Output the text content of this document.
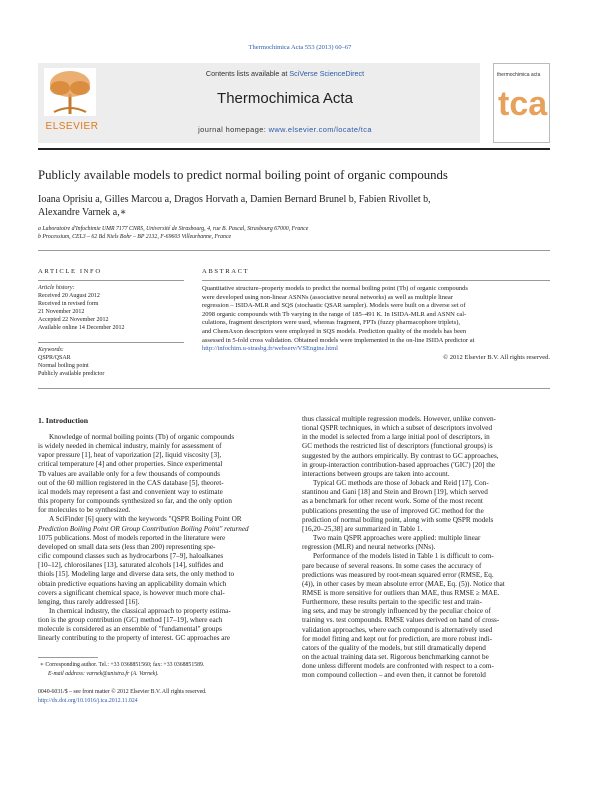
Thermochimica Acta 553 (2013) 60–67
ELSEVIER
Contents lists available at SciVerse ScienceDirect
Thermochimica Acta
journal homepage: www.elsevier.com/locate/tca
thermochimica acta
tca
Publicly available models to predict normal boiling point of organic compounds
Ioana Oprisiu a, Gilles Marcou a, Dragos Horvath a, Damien Bernard Brunel b, Fabien Rivollet b,
Alexandre Varnek a,∗
a Laboratoire d'Infochimie UMR 7177 CNRS, Université de Strasbourg, 4, rue B. Pascal, Strasbourg 67000, France
b Processium, CEL3 – 62 Bd Niels Bohr – BP 2132, F-69603 Villeurbanne, France
ARTICLE INFO
Article history:
Received 20 August 2012
Received in revised form
21 November 2012
Accepted 22 November 2012
Available online 14 December 2012
Keywords:
QSPR/QSAR
Normal boiling point
Publicly available predictor
ABSTRACT
Quantitative structure–property models to predict the normal boiling point (Tb) of organic compounds
were developed using non-linear ASNNs (associative neural networks) as well as multiple linear
regression – ISIDA-MLR and SQS (stochastic QSAR sampler). Models were built on a diverse set of
2098 organic compounds with Tb varying in the range of 185–491 K. In ISIDA-MLR and ASNN cal-
culations, fragment descriptors were used, whereas fragment, FPTs (fuzzy pharmacophore triplets),
and ChemAxon descriptors were employed in SQS models. Prediction quality of the models has been
assessed in 5-fold cross validation. Obtained models were implemented in the on-line ISIDA predictor at
http://infochim.u-strasbg.fr/webserv/VSEngine.html
© 2012 Elsevier B.V. All rights reserved.
1. Introduction
Knowledge of normal boiling points (Tb) of organic compounds
is widely needed in chemical industry, mainly for assessment of
vapor pressure [1], heat of vaporization [2], liquid viscosity [3],
critical temperature [4] and other properties. Since experimental
Tb values are available only for a few thousands of compounds
out of the 60 million registered in the CAS database [5], theoret-
ical models may represent a fast and convenient way to estimate
this property for compounds synthesized so far, and the only option
for molecules to be synthesized.
A SciFinder [6] query with the keywords "QSPR Boiling Point OR
Prediction Boiling Point OR Group Contribution Boiling Point" returned
1075 publications. Most of models reported in the literature were
developed on small data sets (less than 200) representing spe-
cific compound classes such as hydrocarbons [7–9], haloalkanes
[10–12], chlorosilanes [13], saturated alcohols [14], sulfides and
thiols [15]. Modeling large and diverse data sets, the only method to
obtain predictive equations having an applicability domain which
covers a significant chemical space, is however much more chal-
lenging, thus rarely addressed [16].
In chemical industry, the classical approach to property estima-
tion is the group contribution (GC) method [17–19], where each
molecule is considered as an ensemble of "fundamental" groups
linearly contributing to the property of interest. GC approaches are
thus classical multiple regression models. However, unlike conven-
tional QSPR techniques, in which a subset of descriptors involved
in the model is selected from a large initial pool of descriptors, in
GC methods the restricted list of descriptors (functional groups) is
suggested by the authors empirically. By contrast to GC approaches,
in group-interaction contribution-based approaches ('GIC') [20] the
interactions between groups are taken into account.
Typical GC methods are those of Joback and Reid [17], Con-
stantinou and Gani [18] and Stein and Brown [19], which served
as a benchmark for other recent work. Some of the most recent
publications presenting the use of improved GC method for the
prediction of normal boiling point, along with some QSPR models
[16,20–25,38] are summarized in Table 1.
Two main QSPR approaches were applied: multiple linear
regression (MLR) and neural networks (NNs).
Performance of the models listed in Table 1 is difficult to com-
pare because of several reasons. In some cases the accuracy of
predictions was measured by root-mean squared error (RMSE, Eq.
(4)), in other cases by mean absolute error (MAE, Eq. (5)). Notice that
RMSE is more sensitive for outliers than MAE, thus RMSE ≥ MAE.
Furthermore, these results pertain to the specific test and train-
ing sets, and may be strongly influenced by the peculiar choice of
training vs. test compounds. RMSE values derived on hand of cross-
validation approaches, where each compound is alternatively used
for model fitting and kept out for prediction, are more robust indi-
cators of the quality of the models, but still dramatically depend
on the actual training data set. Rigorous benchmarking cannot be
done unless different models are confronted with respect to a com-
mon compound collection – and even then, it cannot be foretold
∗ Corresponding author. Tel.: +33 0368851560; fax: +33 0368851589.
E-mail address: varnek@unistra.fr (A. Varnek).
0040-6031/$ – see front matter © 2012 Elsevier B.V. All rights reserved.
http://dx.doi.org/10.1016/j.tca.2012.11.024
